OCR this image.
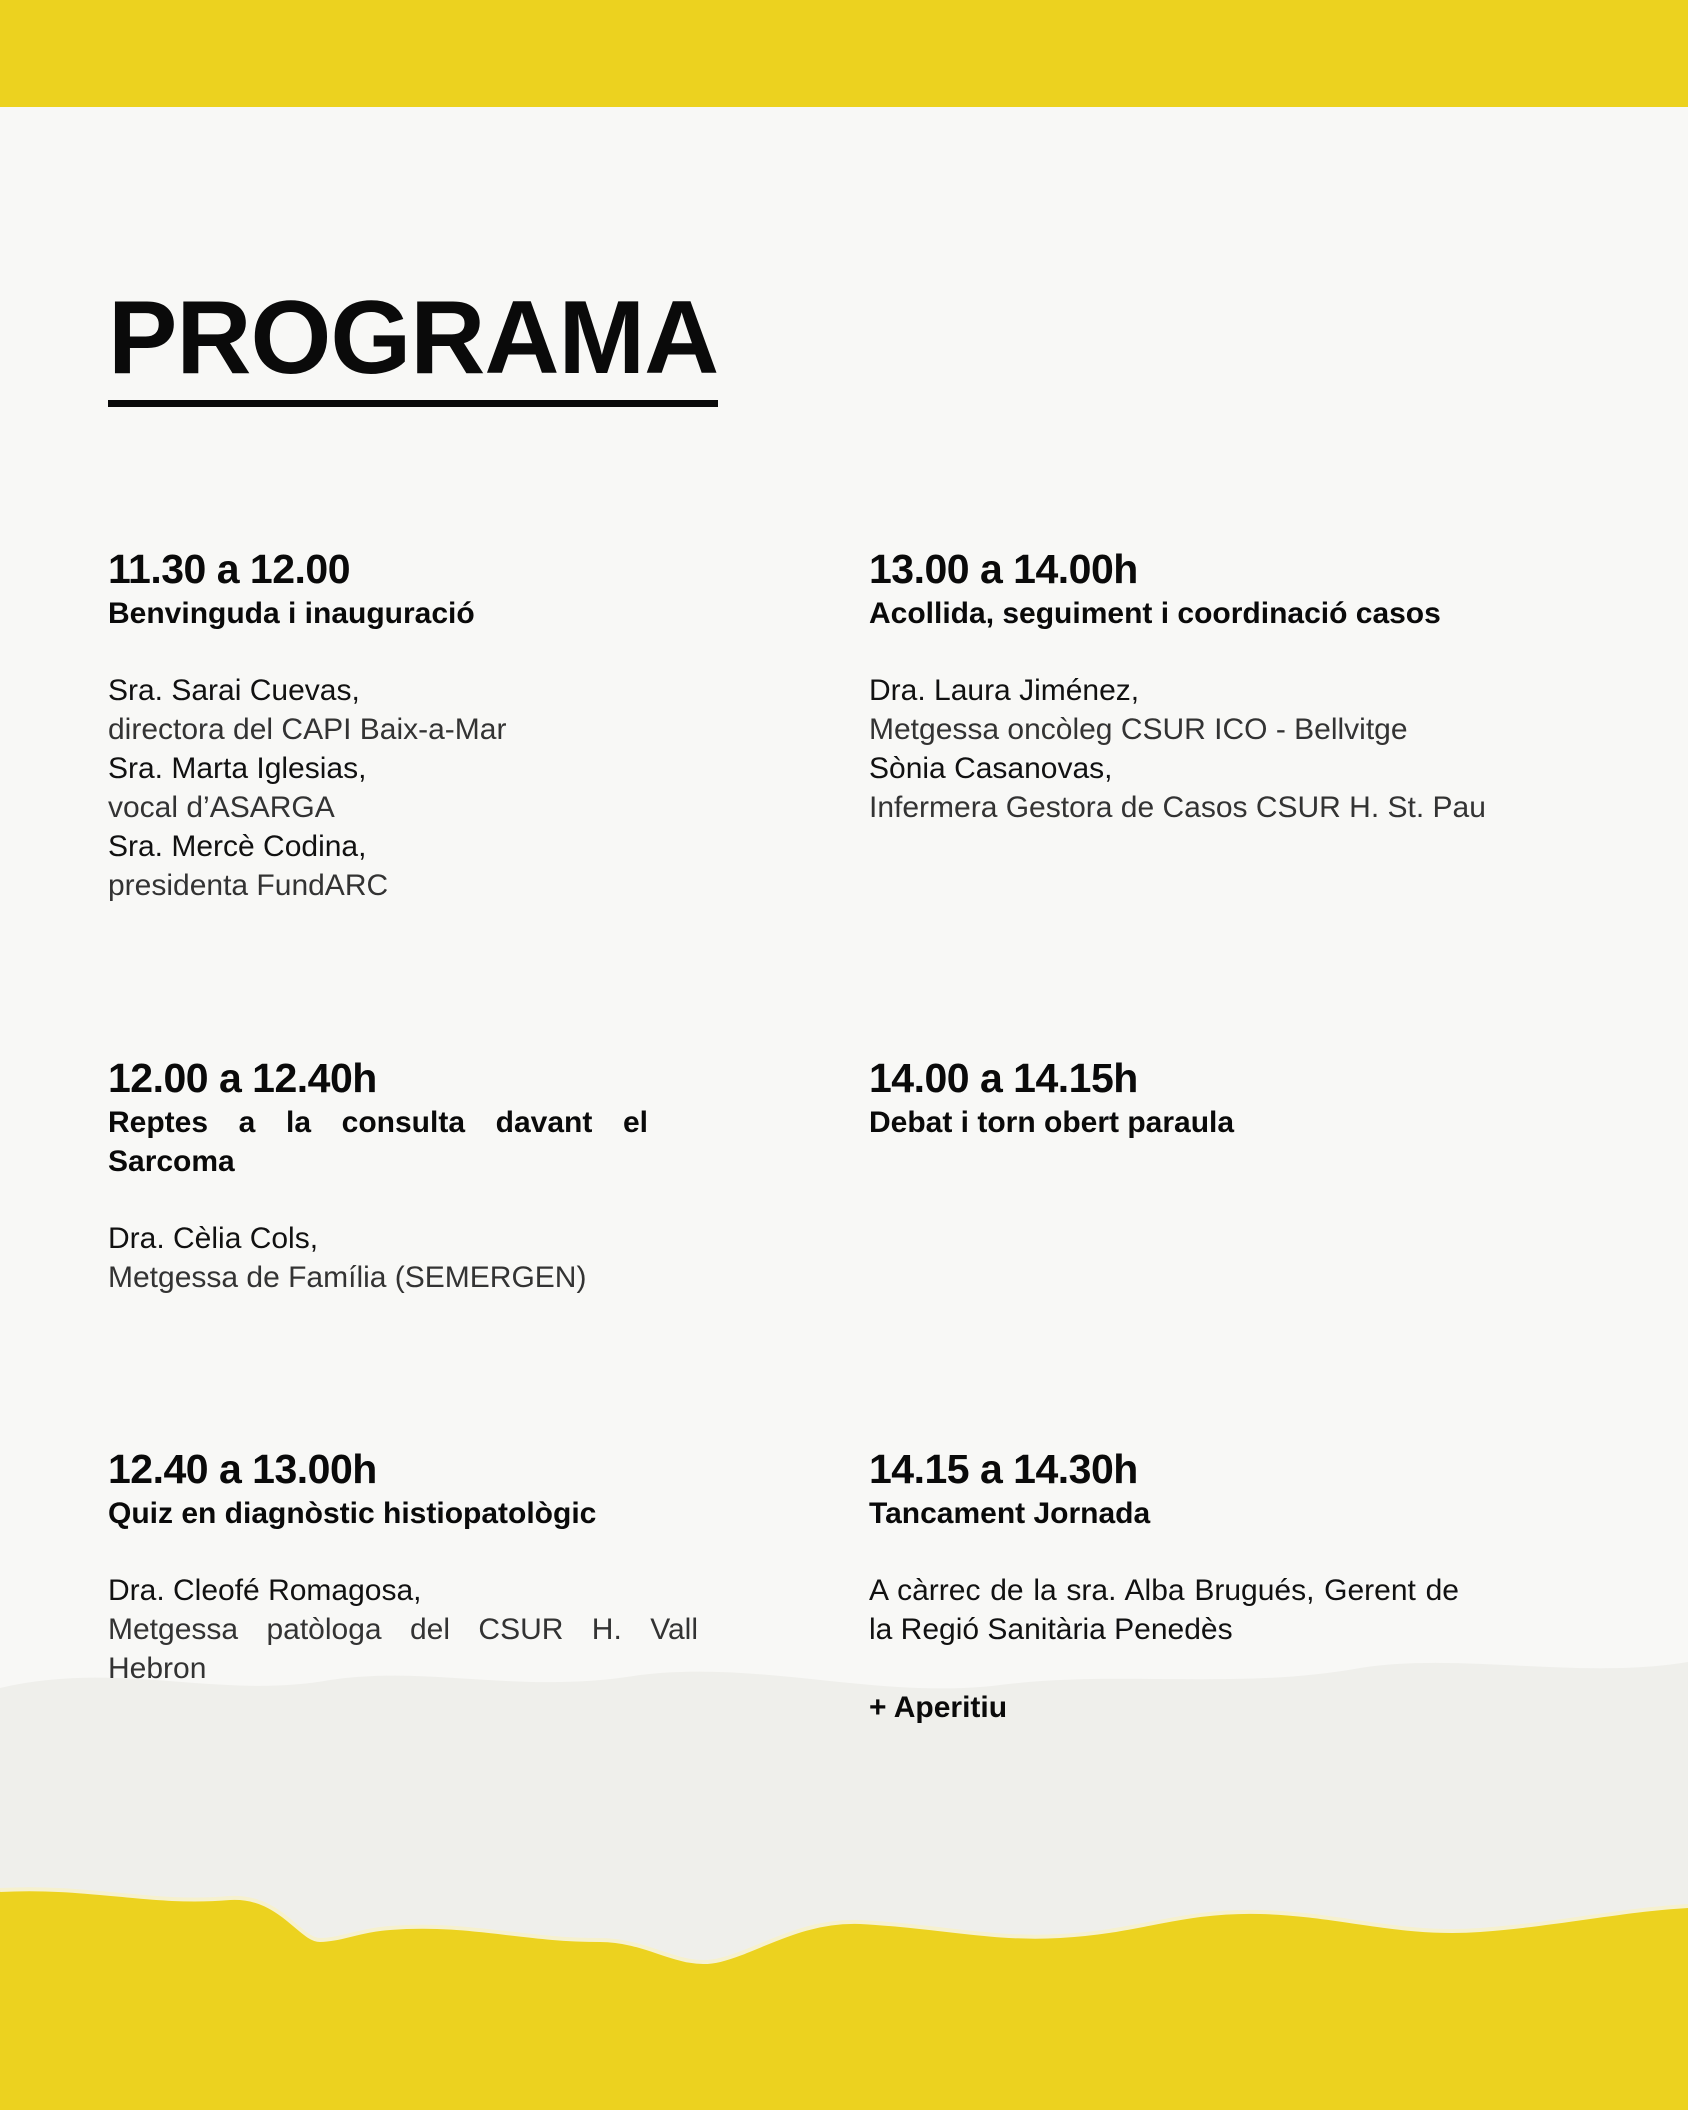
PROGRAMA
11.30 a 12.00
Benvinguda i inauguració
Sra. Sarai Cuevas,
directora del CAPI Baix-a-Mar
Sra. Marta Iglesias,
vocal d’ASARGA
Sra. Mercè Codina,
presidenta FundARC
13.00 a 14.00h
Acollida, seguiment i coordinació casos
Dra. Laura Jiménez,
Metgessa oncòleg CSUR ICO - Bellvitge
Sònia Casanovas,
Infermera Gestora de Casos CSUR H. St. Pau
12.00 a 12.40h
Reptes a la consulta davant el Sarcoma
Dra. Cèlia Cols,
Metgessa de Família (SEMERGEN)
14.00 a 14.15h
Debat i torn obert paraula
12.40 a 13.00h
Quiz en diagnòstic histiopatològic
Dra. Cleofé Romagosa,
Metgessa patòloga del CSUR H. Vall Hebron
14.15 a 14.30h
Tancament Jornada
A càrrec de la sra. Alba Brugués, Gerent de la Regió Sanitària Penedès
+ Aperitiu
